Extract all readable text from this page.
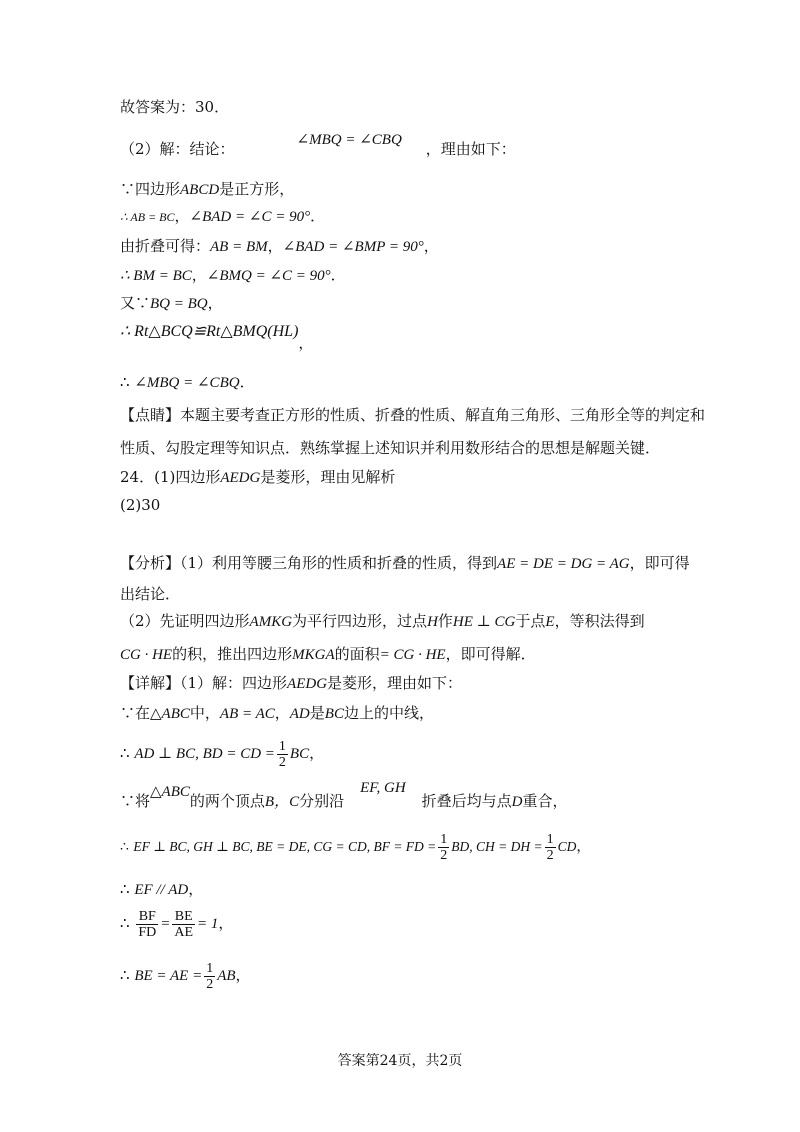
故答案为：30．
（2）解：结论：	∠MBQ = ∠CBQ ，理由如下：
∵四边形ABCD是正方形，
∴ AB = BC，∠BAD = ∠C = 90°．
由折叠可得：AB = BM，∠BAD = ∠BMP = 90°，
∴ BM = BC，∠BMQ = ∠C = 90°．
又∵BQ = BQ，
∴ Rt△BCQ≌Rt△BMQ(HL)，
∴ ∠MBQ = ∠CBQ．
【点睛】本题主要考查正方形的性质、折叠的性质、解直角三角形、三角形全等的判定和
性质、勾股定理等知识点．熟练掌握上述知识并利用数形结合的思想是解题关键．
24．(1)四边形AEDG是菱形，理由见解析
(2)30
【分析】（1）利用等腰三角形的性质和折叠的性质，得到AE = DE = DG = AG，即可得
出结论．
（2）先证明四边形AMKG为平行四边形，过点H作HE ⊥ CG于点E，等积法得到
CG · HE的积，推出四边形MKGA的面积= CG · HE，即可得解．
【详解】（1）解：四边形AEDG是菱形，理由如下：
∵在△ABC中，AB = AC，AD是BC边上的中线，
∴ AD ⊥ BC, BD = CD = $\frac{1}{2}$ BC，
∵将△ABC的两个顶点B，C分别沿EF, GH折叠后均与点D重合，
∴ EF ⊥ BC, GH ⊥ BC, BE = DE, CG = CD, BF = FD = $\frac{1}{2}$ BD, CH = DH = $\frac{1}{2}$ CD，
∴ EF // AD，
∴ $\frac{BF}{FD} = \frac{BE}{AE} = 1$，
∴ BE = AE = $\frac{1}{2}$ AB，
答案第24页，共2页
